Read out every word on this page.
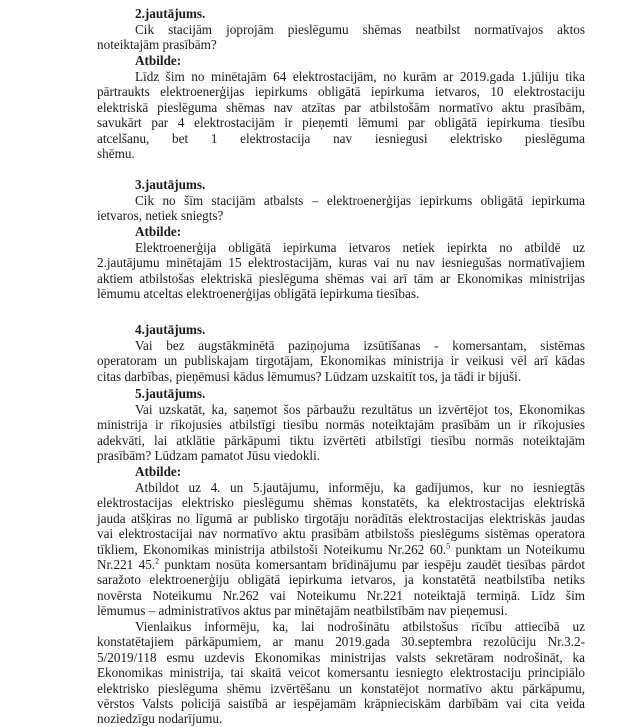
2.jautājums.
Cik stacijām joprojām pieslēgumu shēmas neatbilst normatīvajos aktos
noteiktajām prasībām?
Atbilde:
Līdz šim no minētajām 64 elektrostacijām, no kurām ar 2019.gada 1.jūliju tika
pārtraukts elektroenerģijas iepirkums obligātā iepirkuma ietvaros, 10 elektrostaciju
elektriskā pieslēguma shēmas nav atzītas par atbilstošām normatīvo aktu prasībām,
savukārt par 4 elektrostacijām ir pieņemti lēmumi par obligātā iepirkuma tiesību
atcelšanu, bet 1 elektrostacija nav iesniegusi elektrisko pieslēguma
shēmu.
3.jautājums.
Cik no šīm stacijām atbalsts – elektroenerģijas iepirkums obligātā iepirkuma
ietvaros, netiek sniegts?
Atbilde:
Elektroenerģija obligātā iepirkuma ietvaros netiek iepirkta no atbildē uz
2.jautājumu minētajām 15 elektrostacijām, kuras vai nu nav iesniegušas normatīvajiem
aktiem atbilstošas elektriskā pieslēguma shēmas vai arī tām ar Ekonomikas ministrijas
lēmumu atceltas elektroenerģijas obligātā iepirkuma tiesības.
4.jautājums.
Vai bez augstākminētā paziņojuma izsūtīšanas - komersantam, sistēmas
operatoram un publiskajam tirgotājam, Ekonomikas ministrija ir veikusi vēl arī kādas
citas darbības, pieņēmusi kādus lēmumus? Lūdzam uzskaitīt tos, ja tādi ir bijuši.
5.jautājums.
Vai uzskatāt, ka, saņemot šos pārbaužu rezultātus un izvērtējot tos, Ekonomikas
ministrija ir rīkojusies atbilstīgi tiesību normās noteiktajām prasībām un ir rīkojusies
adekvāti, lai atklātie pārkāpumi tiktu izvērtēti atbilstīgi tiesību normās noteiktajām
prasībām? Lūdzam pamatot Jūsu viedokli.
Atbilde:
Atbildot uz 4. un 5.jautājumu, informēju, ka gadījumos, kur no iesniegtās
elektrostacijas elektrisko pieslēgumu shēmas konstatēts, ka elektrostacijas elektriskā
jauda atšķiras no līgumā ar publisko tirgotāju norādītās elektrostacijas elektriskās jaudas
vai elektrostacijai nav normatīvo aktu prasībām atbilstošs pieslēgums sistēmas operatora
tīkliem, Ekonomikas ministrija atbilstoši Noteikumu Nr.262 60.$^5$ punktam un Noteikumu
Nr.221 45.$^2$ punktam nosūta komersantam brīdinājumu par iespēju zaudēt tiesības pārdot
saražoto elektroenerģiju obligātā iepirkuma ietvaros, ja konstatētā neatbilstība netiks
novērsta Noteikumu Nr.262 vai Noteikumu Nr.221 noteiktajā termiņā. Līdz šim
lēmumus – administratīvos aktus par minētajām neatbilstībām nav pieņemusi.
Vienlaikus informēju, ka, lai nodrošinātu atbilstošus rīcību attiecībā uz
konstatētajiem pārkāpumiem, ar manu 2019.gada 30.septembra rezolūciju Nr.3.2-
5/2019/118 esmu uzdevis Ekonomikas ministrijas valsts sekretāram nodrošināt, ka
Ekonomikas ministrija, tai skaitā veicot komersantu iesniegto elektrostaciju principiālo
elektrisko pieslēguma shēmu izvērtēšanu un konstatējot normatīvo aktu pārkāpumu,
vērstos Valsts policijā saistībā ar iespējamām krāpnieciskām darbībām vai cita veida
noziedzīgu nodarījumu.
